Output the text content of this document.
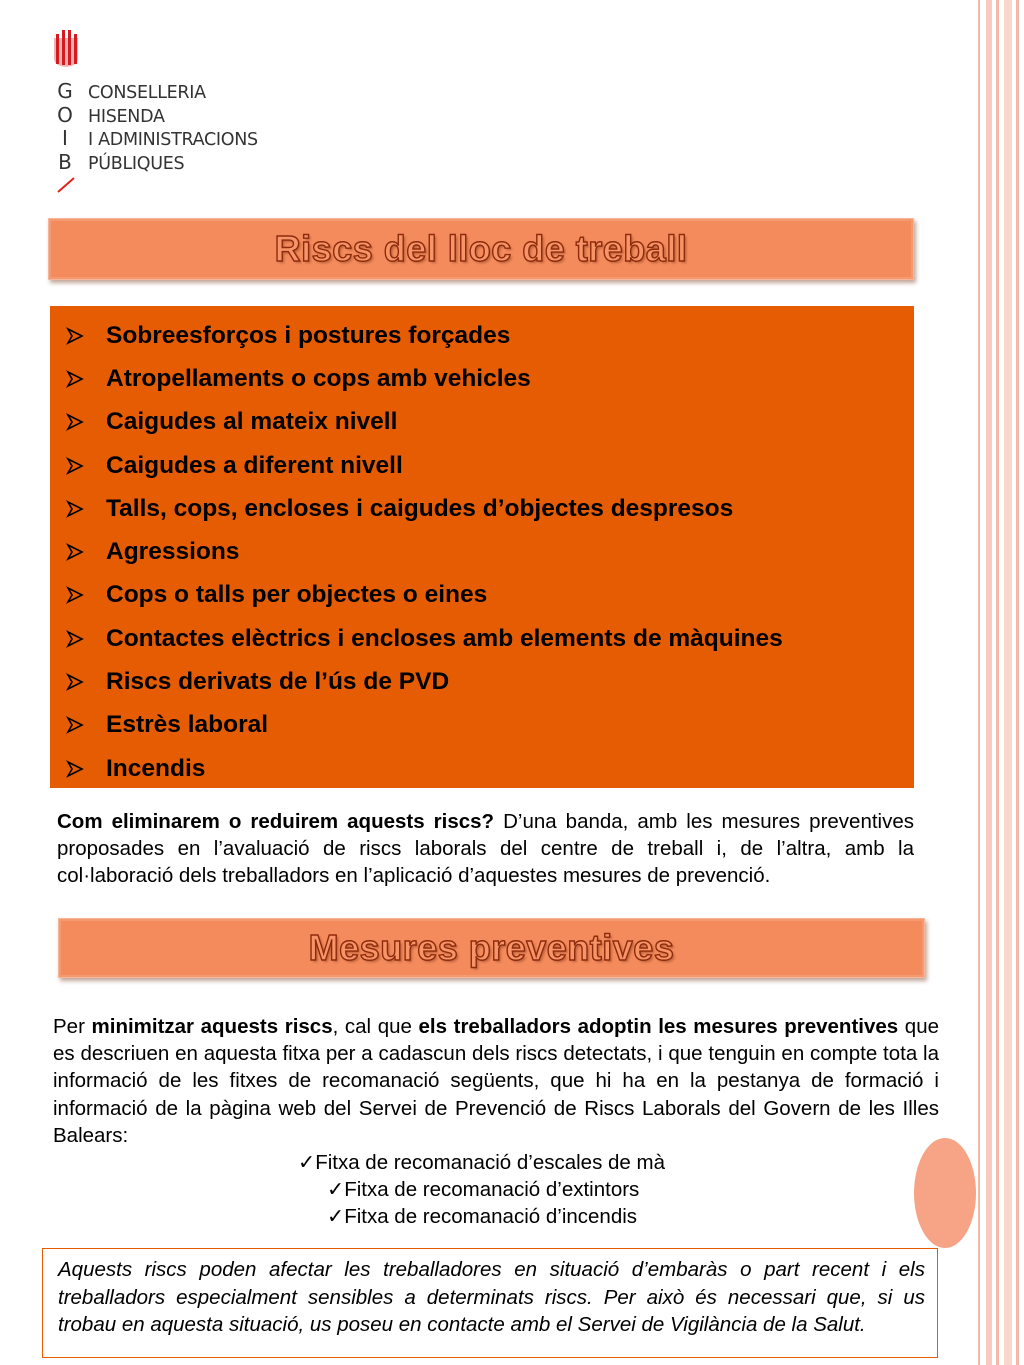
G
O
I
B
CONSELLERIA
HISENDA
I ADMINISTRACIONS
PÚBLIQUES
Riscs del lloc de treball
Sobreesforços i postures forçades
Atropellaments o cops amb vehicles
Caigudes al mateix nivell
Caigudes a diferent nivell
Talls, cops, encloses i caigudes d’objectes despresos
Agressions
Cops o talls per objectes o eines
Contactes elèctrics i encloses amb elements de màquines
Riscs derivats de l’ús de PVD
Estrès laboral
Incendis

Com eliminarem o reduirem aquests riscs? D’una banda, amb les mesures preventives proposades en l’avaluació de riscs laborals del centre de treball i, de l’altra, amb la col·laboració dels treballadors en l’aplicació d’aquestes mesures de prevenció.

Mesures preventives

Per minimitzar aquests riscs, cal que els treballadors adoptin les mesures preventives que es descriuen en aquesta fitxa per a cadascun dels riscs detectats, i que tenguin en compte tota la informació de les fitxes de recomanació següents, que hi ha en la pestanya de formació i informació de la pàgina web del Servei de Prevenció de Riscs Laborals del Govern de les Illes Balears:

✓Fitxa de recomanació d’escales de mà
✓Fitxa de recomanació d’extintors
✓Fitxa de recomanació d’incendis
Aquests riscs poden afectar les treballadores en situació d’embaràs o part recent i els treballadors especialment sensibles a determinats riscs. Per això és necessari que, si us trobau en aquesta situació, us poseu en contacte amb el Servei de Vigilància de la Salut.
